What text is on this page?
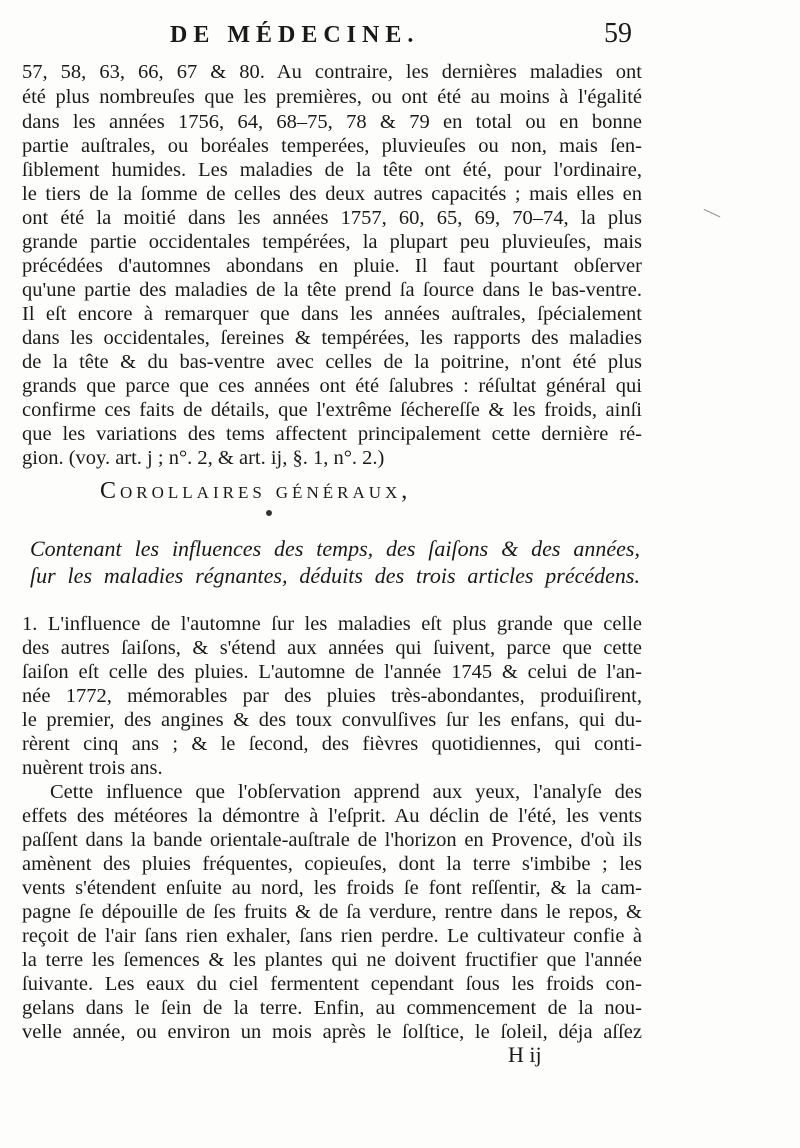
DE MÉDECINE.	59
57, 58, 63, 66, 67 & 80. Au contraire, les dernières maladies ont
été plus nombreuſes que les premières, ou ont été au moins à l'égalité
dans les années 1756, 64, 68–75, 78 & 79 en total ou en bonne
partie auſtrales, ou boréales temperées, pluvieuſes ou non, mais ſen-
ſiblement humides. Les maladies de la tête ont été, pour l'ordinaire,
le tiers de la ſomme de celles des deux autres capacités ; mais elles en
ont été la moitié dans les années 1757, 60, 65, 69, 70–74, la plus
grande partie occidentales tempérées, la plupart peu pluvieuſes, mais
précédées d'automnes abondans en pluie. Il faut pourtant obſerver
qu'une partie des maladies de la tête prend ſa ſource dans le bas-ventre.
Il eſt encore à remarquer que dans les années auſtrales, ſpécialement
dans les occidentales, ſereines & tempérées, les rapports des maladies
de la tête & du bas-ventre avec celles de la poitrine, n'ont été plus
grands que parce que ces années ont été ſalubres : réſultat général qui
confirme ces faits de détails, que l'extrême ſéchereſſe & les froids, ainſi
que les variations des tems affectent principalement cette dernière ré-
gion. (voy. art. j ; n°. 2, & art. ij, §. 1, n°. 2.)
Corollaires généraux,
Contenant les influences des temps, des ſaiſons & des années,
ſur les maladies régnantes, déduits des trois articles précédens.
1. L'influence de l'automne ſur les maladies eſt plus grande que celle
des autres ſaiſons, & s'étend aux années qui ſuivent, parce que cette
ſaiſon eſt celle des pluies. L'automne de l'année 1745 & celui de l'an-
née 1772, mémorables par des pluies très-abondantes, produiſirent,
le premier, des angines & des toux convulſives ſur les enfans, qui du-
rèrent cinq ans ; & le ſecond, des fièvres quotidiennes, qui conti-
nuèrent trois ans.
Cette influence que l'obſervation apprend aux yeux, l'analyſe des
effets des météores la démontre à l'eſprit. Au déclin de l'été, les vents
paſſent dans la bande orientale-auſtrale de l'horizon en Provence, d'où ils
amènent des pluies fréquentes, copieuſes, dont la terre s'imbibe ; les
vents s'étendent enſuite au nord, les froids ſe font reſſentir, & la cam-
pagne ſe dépouille de ſes fruits & de ſa verdure, rentre dans le repos, &
reçoit de l'air ſans rien exhaler, ſans rien perdre. Le cultivateur confie à
la terre les ſemences & les plantes qui ne doivent fructifier que l'année
ſuivante. Les eaux du ciel fermentent cependant ſous les froids con-
gelans dans le ſein de la terre. Enfin, au commencement de la nou-
velle année, ou environ un mois après le ſolſtice, le ſoleil, déja aſſez
H ij
